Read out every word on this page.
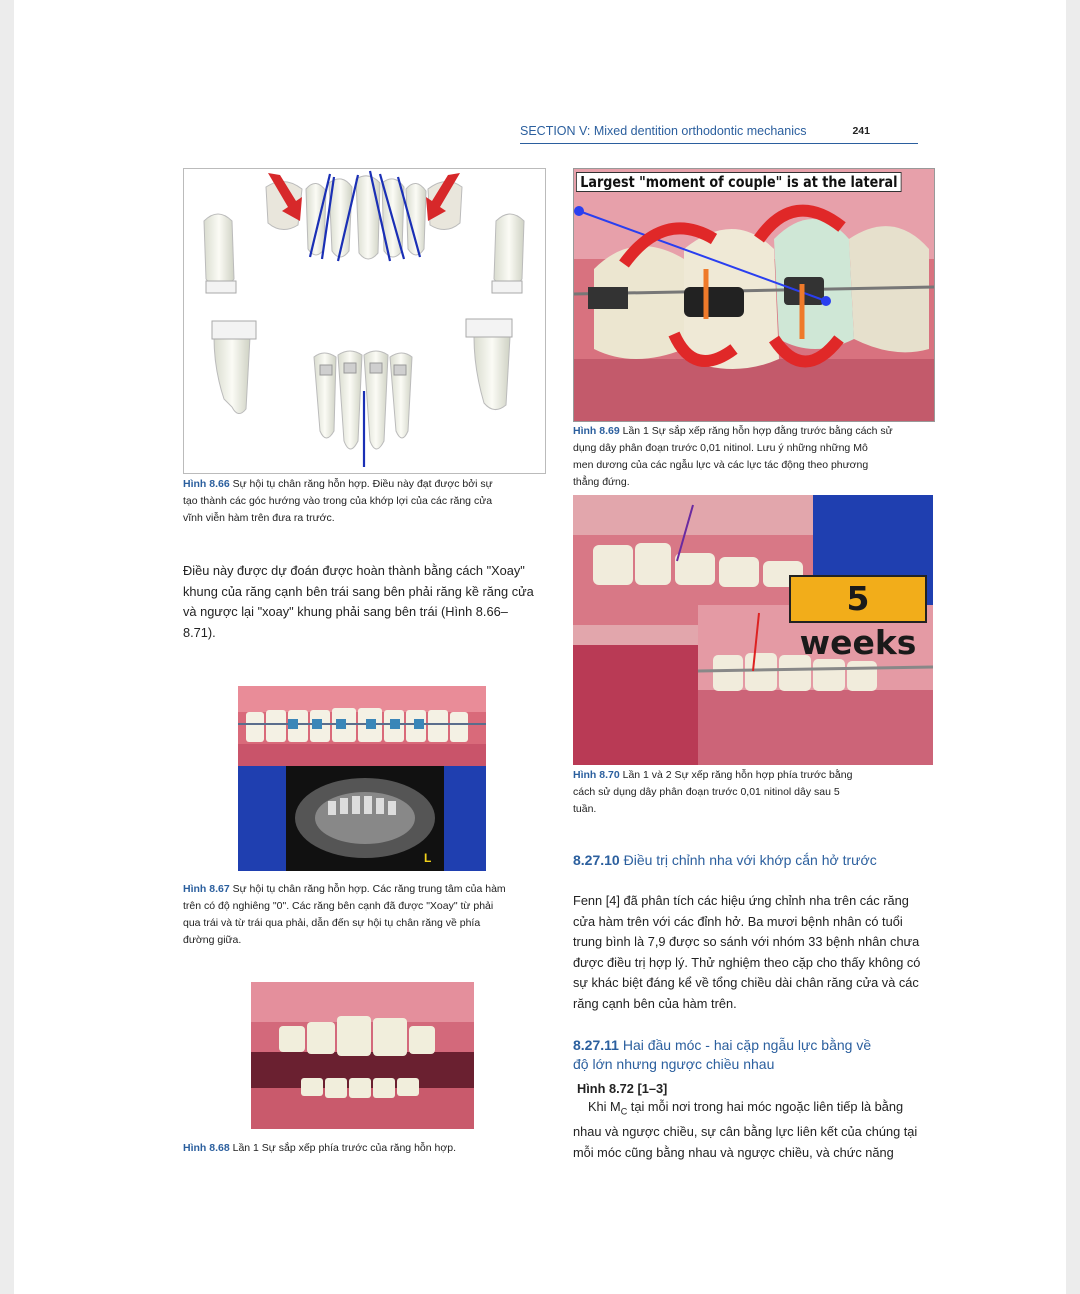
SECTION V: Mixed dentition orthodontic mechanics	241
Hình 8.66 Sự hội tụ chân răng hỗn hợp. Điều này đạt được bởi sự
tạo thành các góc hướng vào trong của khớp lợi của các răng cửa
vĩnh viễn hàm trên đưa ra trước.
Điều này được dự đoán được hoàn thành bằng cách "Xoay"
khung của răng cạnh bên trái sang bên phải răng kề răng cửa
và ngược lại "xoay" khung phải sang bên trái (Hình 8.66–
8.71).
L
Hình 8.67 Sự hội tụ chân răng hỗn hợp. Các răng trung tâm của hàm
trên có độ nghiêng "0". Các răng bên cạnh đã được "Xoay" từ phải
qua trái và từ trái qua phải, dẫn đến sự hội tụ chân răng về phía
đường giữa.
Hình 8.68 Lần 1 Sự sắp xếp phía trước của răng hỗn hợp.
Largest "moment of couple" is at the lateral
Hình 8.69 Lần 1 Sự sắp xếp răng hỗn hợp đằng trước bằng cách sử
dụng dây phân đoạn trước 0,01 nitinol. Lưu ý những những Mô
men dương của các ngẫu lực và các lực tác động theo phương
thẳng đứng.
5 weeks
Hình 8.70 Lần 1 và 2 Sự xếp răng hỗn hợp phía trước bằng
cách sử dụng dây phân đoạn trước 0,01 nitinol dây sau 5
tuần.
8.27.10 Điều trị chỉnh nha với khớp cắn hở trước
Fenn [4] đã phân tích các hiệu ứng chỉnh nha trên các răng
cửa hàm trên với các đỉnh hở. Ba mươi bệnh nhân có tuổi
trung bình là 7,9 được so sánh với nhóm 33 bệnh nhân chưa
được điều trị hợp lý. Thử nghiệm theo cặp cho thấy không có
sự khác biệt đáng kể về tổng chiều dài chân răng cửa và các
răng cạnh bên của hàm trên.
8.27.11 Hai đầu móc - hai cặp ngẫu lực bằng về
độ lớn nhưng ngược chiều nhau
Hình 8.72 [1–3]
Khi $M_C$ tại mỗi nơi trong hai móc ngoặc liên tiếp là bằng
nhau và ngược chiều, sự cân bằng lực liên kết của chúng tại
mỗi móc cũng bằng nhau và ngược chiều, và chức năng
